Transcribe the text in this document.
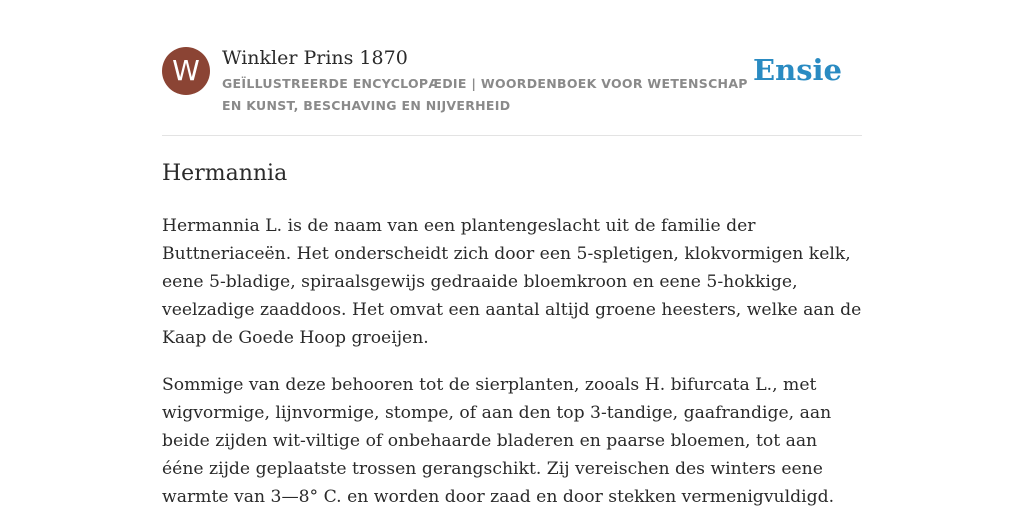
W	Winkler Prins 1870
GEÏLLUSTREERDE ENCYCLOPÆDIE | WOORDENBOEK VOOR WETENSCHAP EN KUNST, BESCHAVING EN NIJVERHEID
Ensie
Hermannia

Hermannia L. is de naam van een plantengeslacht uit de familie der Buttneriaceën. Het onderscheidt zich door een 5-spletigen, klokvormigen kelk, eene 5-bladige, spiraalsgewijs gedraaide bloemkroon en eene 5-hokkige, veelzadige zaaddoos. Het omvat een aantal altijd groene heesters, welke aan de Kaap de Goede Hoop groeijen.

Sommige van deze behooren tot de sierplanten, zooals H. bifurcata L., met wigvormige, lijnvormige, stompe, of aan den top 3-tandige, gaafrandige, aan beide zijden wit-viltige of onbehaarde bladeren en paarse bloemen, tot aan ééne zijde geplaatste trossen gerangschikt. Zij vereischen des winters eene warmte van 3—8° C. en worden door zaad en door stekken vermenigvuldigd.
